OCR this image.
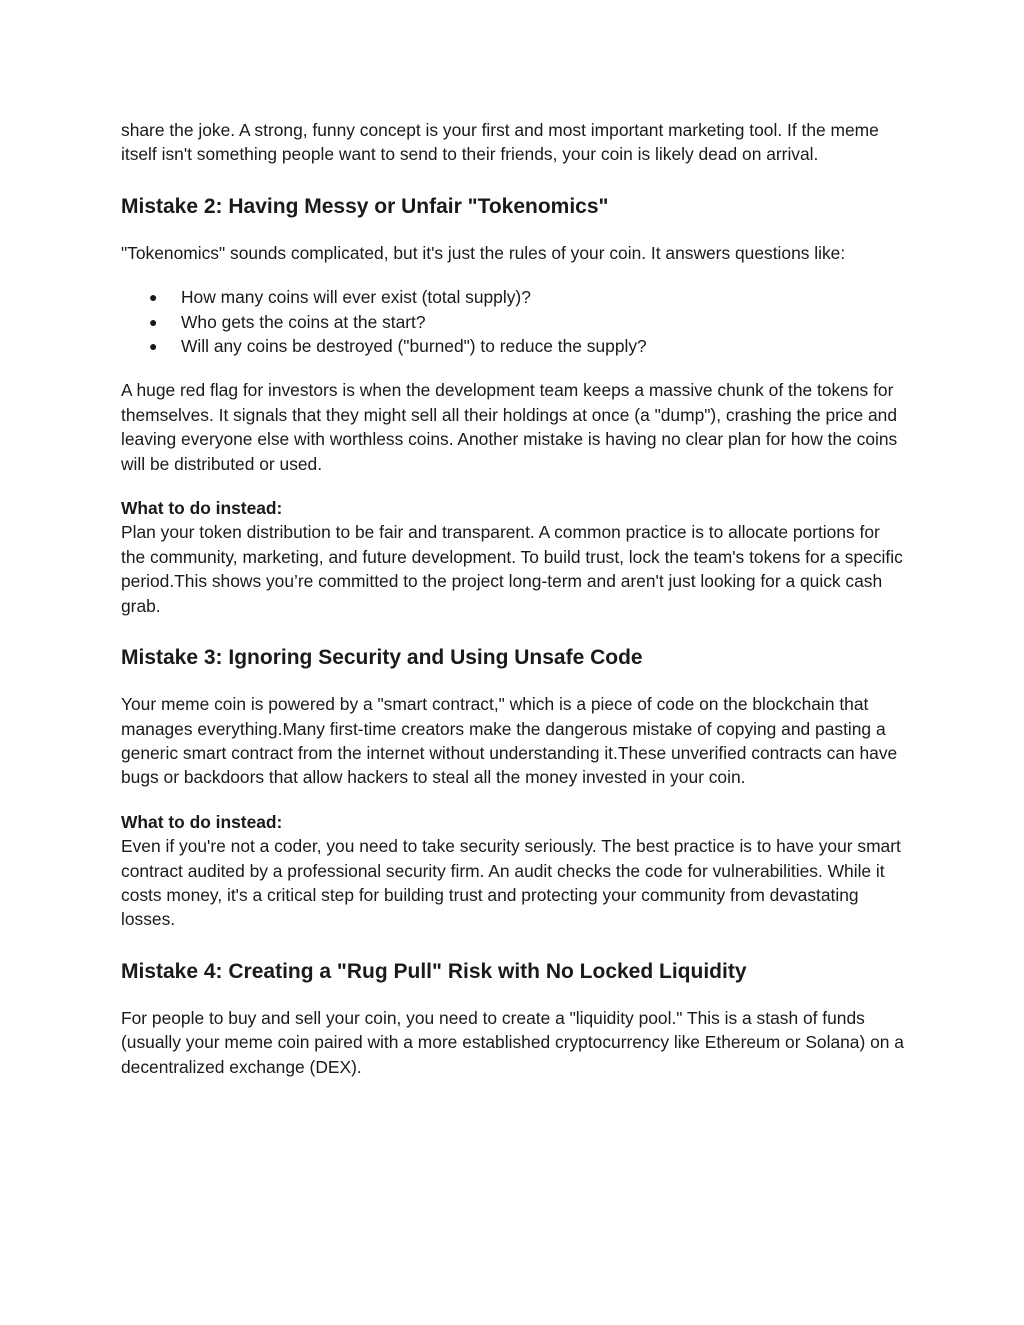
share the joke. A strong, funny concept is your first and most important marketing tool. If the meme itself isn't something people want to send to their friends, your coin is likely dead on arrival.

Mistake 2: Having Messy or Unfair "Tokenomics"

"Tokenomics" sounds complicated, but it's just the rules of your coin. It answers questions like:

● How many coins will ever exist (total supply)?
● Who gets the coins at the start?
● Will any coins be destroyed ("burned") to reduce the supply?

A huge red flag for investors is when the development team keeps a massive chunk of the tokens for themselves. It signals that they might sell all their holdings at once (a "dump"), crashing the price and leaving everyone else with worthless coins. Another mistake is having no clear plan for how the coins will be distributed or used.

What to do instead:
Plan your token distribution to be fair and transparent. A common practice is to allocate portions for the community, marketing, and future development. To build trust, lock the team's tokens for a specific period.This shows you’re committed to the project long-term and aren't just looking for a quick cash grab.

Mistake 3: Ignoring Security and Using Unsafe Code

Your meme coin is powered by a "smart contract," which is a piece of code on the blockchain that manages everything.Many first-time creators make the dangerous mistake of copying and pasting a generic smart contract from the internet without understanding it.These unverified contracts can have bugs or backdoors that allow hackers to steal all the money invested in your coin.

What to do instead:
Even if you're not a coder, you need to take security seriously. The best practice is to have your smart contract audited by a professional security firm. An audit checks the code for vulnerabilities. While it costs money, it's a critical step for building trust and protecting your community from devastating losses.

Mistake 4: Creating a "Rug Pull" Risk with No Locked Liquidity

For people to buy and sell your coin, you need to create a "liquidity pool." This is a stash of funds (usually your meme coin paired with a more established cryptocurrency like Ethereum or Solana) on a decentralized exchange (DEX).
